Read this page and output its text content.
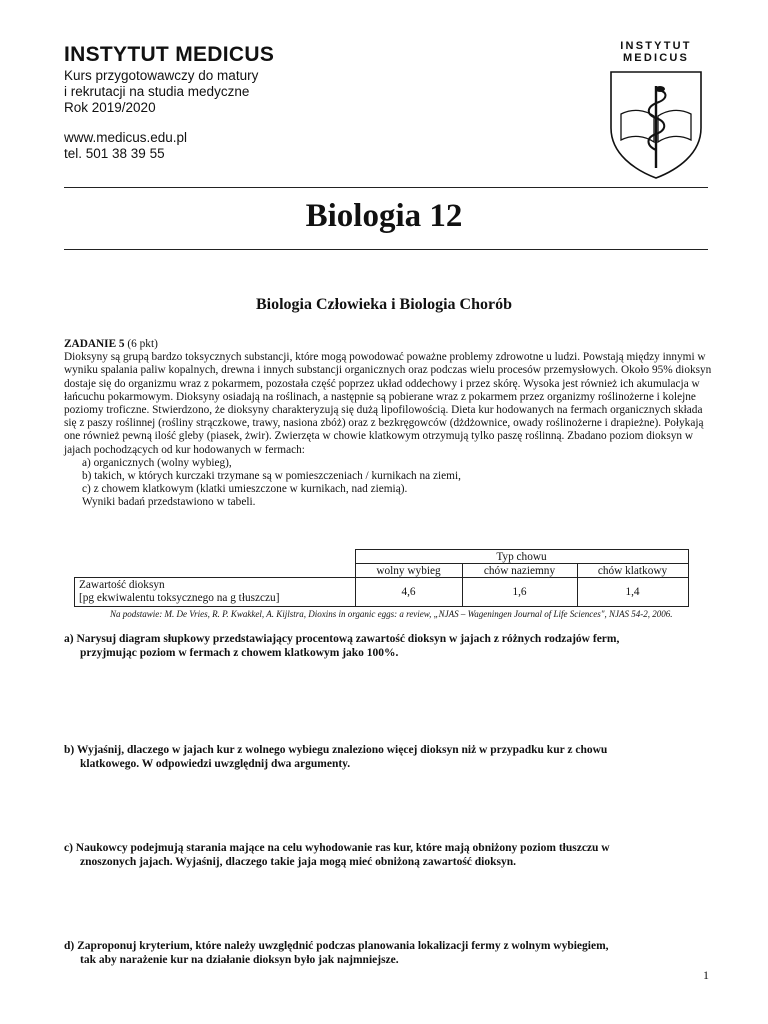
INSTYTUT MEDICUS
Kurs przygotowawczy do matury
i rekrutacji na studia medyczne
Rok 2019/2020
www.medicus.edu.pl
tel. 501 38 39 55
INSTYTUT
MEDICUS
Biologia 12
Biologia Człowieka i Biologia Chorób

ZADANIE 5 (6 pkt)

Dioksyny są grupą bardzo toksycznych substancji, które mogą powodować poważne problemy zdrowotne u ludzi. Powstają między innymi w wyniku spalania paliw kopalnych, drewna i innych substancji organicznych oraz podczas wielu procesów przemysłowych. Około 95% dioksyn dostaje się do organizmu wraz z pokarmem, pozostała część poprzez układ oddechowy i przez skórę. Wysoka jest również ich akumulacja w łańcuchu pokarmowym. Dioksyny osiadają na roślinach, a następnie są pobierane wraz z pokarmem przez organizmy roślinożerne i kolejne poziomy troficzne. Stwierdzono, że dioksyny charakteryzują się dużą lipofilowością. Dieta kur hodowanych na fermach organicznych składa się z paszy roślinnej (rośliny strączkowe, trawy, nasiona zbóż) oraz z bezkręgowców (dżdżownice, owady roślinożerne i drapieżne). Połykają one również pewną ilość gleby (piasek, żwir). Zwierzęta w chowie klatkowym otrzymują tylko paszę roślinną. Zbadano poziom dioksyn w jajach pochodzących od kur hodowanych w fermach:

a) organicznych (wolny wybieg),

b) takich, w których kurczaki trzymane są w pomieszczeniach / kurnikach na ziemi,

c) z chowem klatkowym (klatki umieszczone w kurnikach, nad ziemią).

Wyniki badań przedstawiono w tabeli.

	Typ chowu		
	wolny wybieg	chów naziemny	chów klatkowy

Zawartość dioksyn
[pg ekwiwalentu toksycznego na g tłuszczu]	4,6	1,6	1,4
Na podstawie: M. De Vries, R. P. Kwakkel, A. Kijlstra, Dioxins in organic eggs: a review, „NJAS – Wageningen Journal of Life Sciences", NJAS 54-2, 2006.
a) Narysuj diagram słupkowy przedstawiający procentową zawartość dioksyn w jajach z różnych rodzajów ferm,
przyjmując poziom w fermach z chowem klatkowym jako 100%.
b) Wyjaśnij, dlaczego w jajach kur z wolnego wybiegu znaleziono więcej dioksyn niż w przypadku kur z chowu
klatkowego. W odpowiedzi uwzględnij dwa argumenty.
c) Naukowcy podejmują starania mające na celu wyhodowanie ras kur, które mają obniżony poziom tłuszczu w
znoszonych jajach. Wyjaśnij, dlaczego takie jaja mogą mieć obniżoną zawartość dioksyn.
d) Zaproponuj kryterium, które należy uwzględnić podczas planowania lokalizacji fermy z wolnym wybiegiem,
tak aby narażenie kur na działanie dioksyn było jak najmniejsze.
1
